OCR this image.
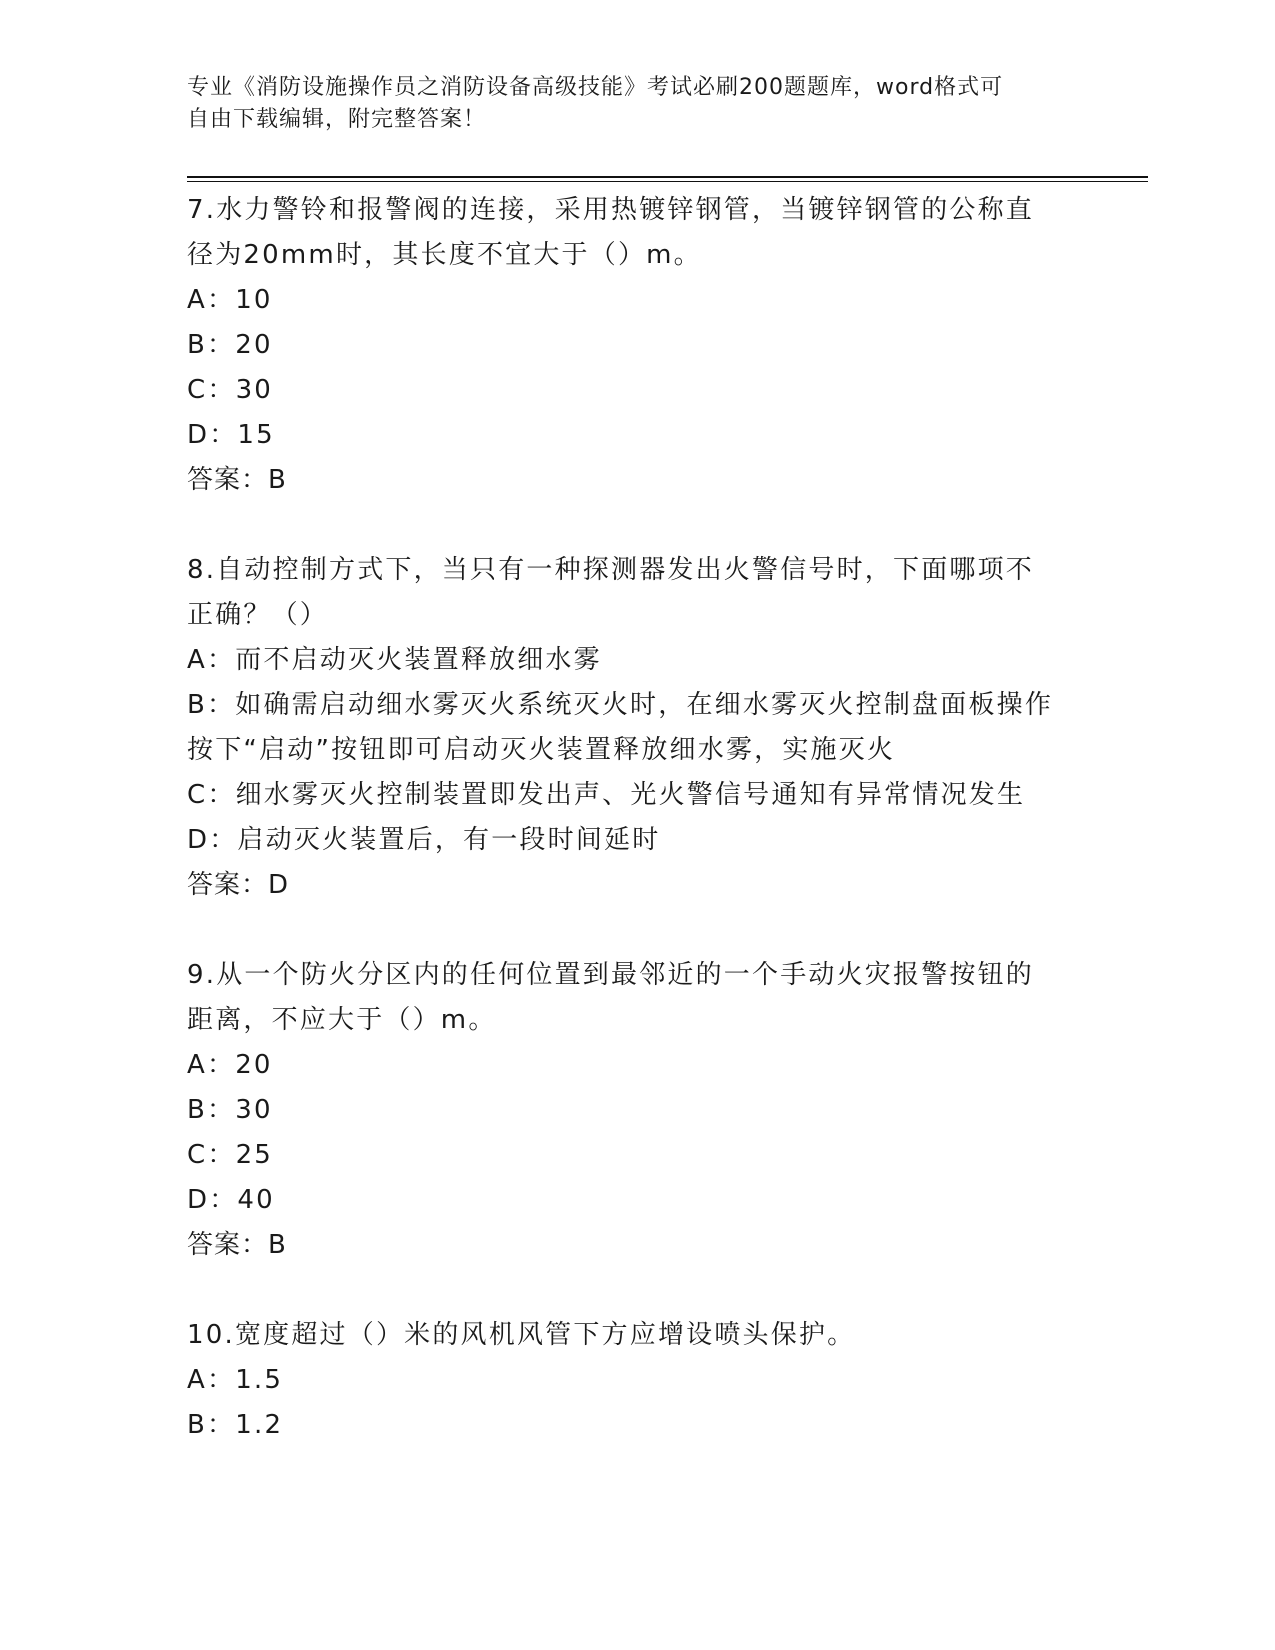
专业《消防设施操作员之消防设备高级技能》考试必刷200题题库，word格式可
自由下载编辑，附完整答案！
7.水力警铃和报警阀的连接，采用热镀锌钢管，当镀锌钢管的公称直
径为20mm时，其长度不宜大于（）m。
A：10
B：20
C：30
D：15
答案：B
8.自动控制方式下，当只有一种探测器发出火警信号时，下面哪项不
正确？（）
A：而不启动灭火装置释放细水雾
B：如确需启动细水雾灭火系统灭火时，在细水雾灭火控制盘面板操作
按下“启动”按钮即可启动灭火装置释放细水雾，实施灭火
C：细水雾灭火控制装置即发出声、光火警信号通知有异常情况发生
D：启动灭火装置后，有一段时间延时
答案：D
9.从一个防火分区内的任何位置到最邻近的一个手动火灾报警按钮的
距离，不应大于（）m。
A：20
B：30
C：25
D：40
答案：B
10.宽度超过（）米的风机风管下方应增设喷头保护。
A：1.5
B：1.2
